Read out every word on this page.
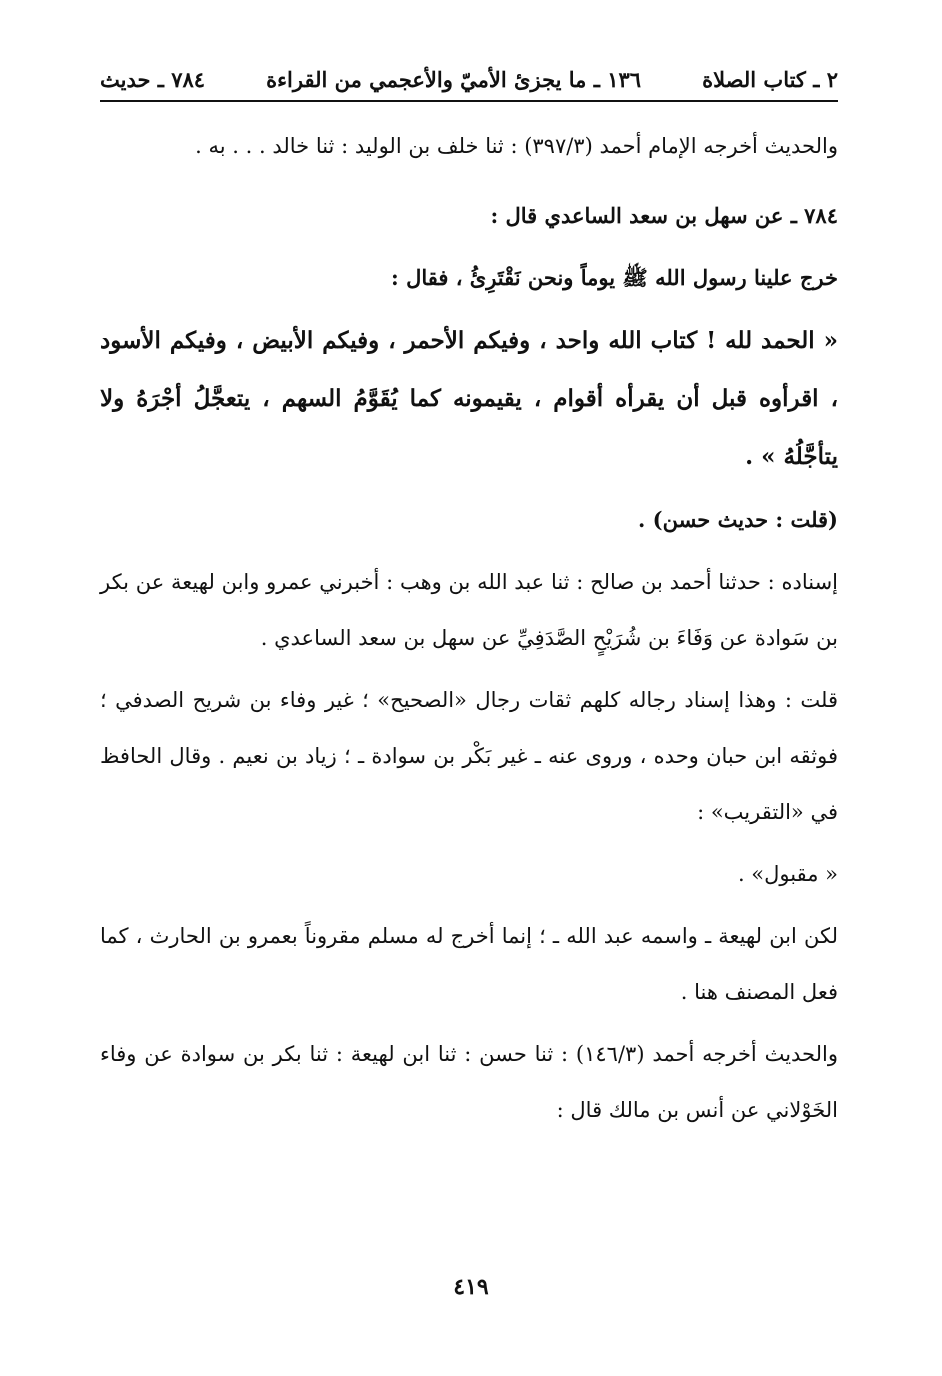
٢ ـ كتاب الصلاة
١٣٦ ـ ما يجزئ الأميّ والأعجمي من القراءة
٧٨٤ ـ حديث

والحديث أخرجه الإمام أحمد (٣٩٧/٣) : ثنا خلف بن الوليد : ثنا خالد . . . به .

٧٨٤ ـ عن سهل بن سعد الساعدي قال :

خرج علينا رسول الله ﷺ يوماً ونحن نَقْتَرِئُ ، فقال :

« الحمد لله ! كتاب الله واحد ، وفيكم الأحمر ، وفيكم الأبيض ، وفيكم الأسود ، اقرأوه قبل أن يقرأه أقوام ، يقيمونه كما يُقَوَّمُ السهم ، يتعجَّلُ أجْرَهُ ولا يتأجَّلُهُ » .

(قلت : حديث حسن) .

إسناده : حدثنا أحمد بن صالح : ثنا عبد الله بن وهب : أخبرني عمرو وابن لهيعة عن بكر بن سَوادة عن وَفَاءَ بن شُرَيْحٍ الصَّدَفِيِّ عن سهل بن سعد الساعدي .

قلت : وهذا إسناد رجاله كلهم ثقات رجال «الصحيح» ؛ غير وفاء بن شريح الصدفي ؛ فوثقه ابن حبان وحده ، وروى عنه ـ غير بَكْر بن سوادة ـ ؛ زياد بن نعيم . وقال الحافظ في «التقريب» :

« مقبول» .

لكن ابن لهيعة ـ واسمه عبد الله ـ ؛ إنما أخرج له مسلم مقروناً بعمرو بن الحارث ، كما فعل المصنف هنا .

والحديث أخرجه أحمد (١٤٦/٣) : ثنا حسن : ثنا ابن لهيعة : ثنا بكر بن سوادة عن وفاء الخَوْلاني عن أنس بن مالك قال :

٤١٩
